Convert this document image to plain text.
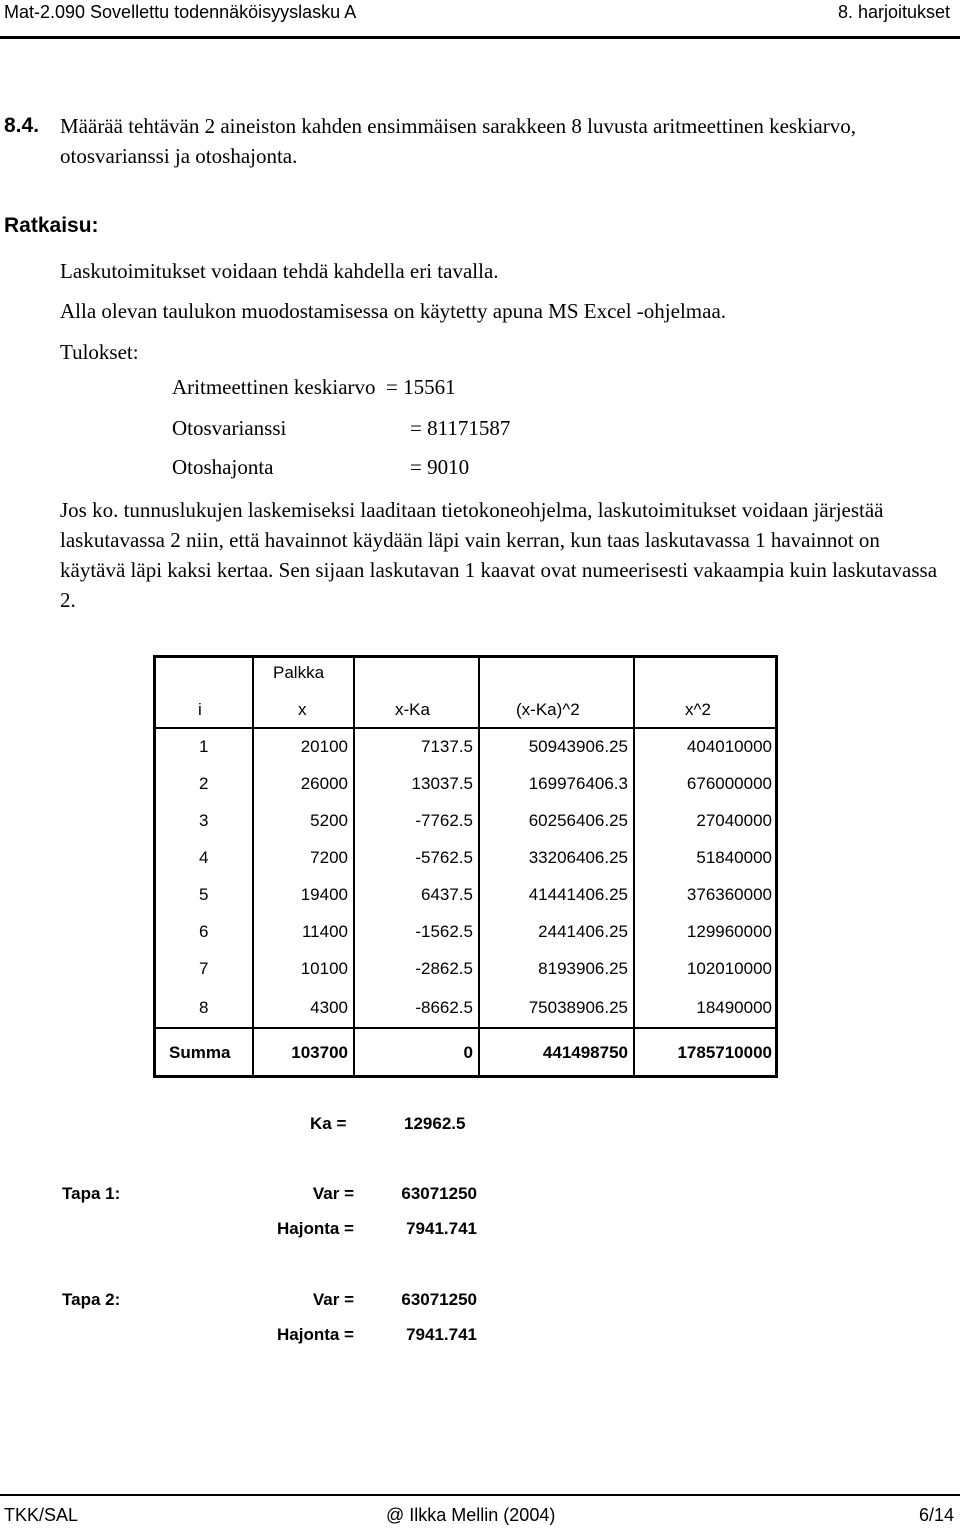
Mat-2.090 Sovellettu todennäköisyyslasku A	8. harjoitukset
8.4. Määrää tehtävän 2 aineiston kahden ensimmäisen sarakkeen 8 luvusta aritmeettinen keskiarvo, otosvarianssi ja otoshajonta.
Ratkaisu:
Laskutoimitukset voidaan tehdä kahdella eri tavalla.
Alla olevan taulukon muodostamisessa on käytetty apuna MS Excel -ohjelmaa.
Tulokset:
Aritmeettinen keskiarvo = 15561
Otosvarianssi	= 81171587
Otoshajonta	= 9010
Jos ko. tunnuslukujen laskemiseksi laaditaan tietokoneohjelma, laskutoimitukset voidaan järjestää laskutavassa 2 niin, että havainnot käydään läpi vain kerran, kun taas laskutavassa 1 havainnot on käytävä läpi kaksi kertaa. Sen sijaan laskutavan 1 kaavat ovat numeerisesti vakaampia kuin laskutavassa 2.
Palkka
i	x	x-Ka	(x-Ka)^2	x^2
1	20100	7137.5	50943906.25	404010000
2	26000	13037.5	169976406.3	676000000
3	5200	-7762.5	60256406.25	27040000
4	7200	-5762.5	33206406.25	51840000
5	19400	6437.5	41441406.25	376360000
6	11400	-1562.5	2441406.25	129960000
7	10100	-2862.5	8193906.25	102010000
8	4300	-8662.5	75038906.25	18490000
Summa	103700	0	441498750	1785710000
Ka =	12962.5
Tapa 1:	Var =	63071250
Hajonta =	7941.741
Tapa 2:	Var =	63071250
Hajonta =	7941.741
TKK/SAL	@ Ilkka Mellin (2004)	6/14
